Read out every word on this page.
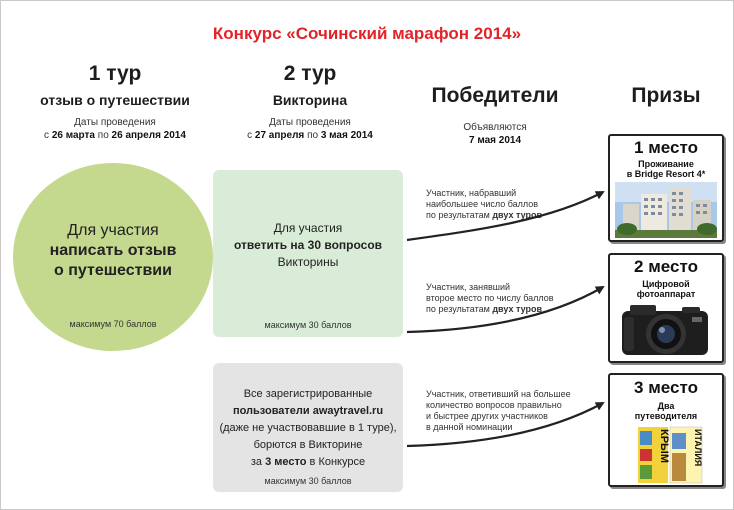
Конкурс «Сочинский марафон 2014»
1 тур
отзыв о путешествии
Даты проведения
с 26 марта по 26 апреля 2014
Для участия
написать отзыв
о путешествии
максимум 70 баллов
2 тур
Викторина
Даты проведения
с 27 апреля по 3 мая 2014
Для участия
ответить на 30 вопросов
Викторины
максимум 30 баллов
Все зарегистрированные
пользователи awaytravel.ru
(даже не участвовавшие в 1 туре),
борются в Викторине
за 3 место в Конкурсе
максимум 30 баллов
Победители
Объявляются
7 мая 2014
Участник, набравший
наибольшее число баллов
по результатам двух туров
Участник, занявший
второе место по числу баллов
по результатам двух туров
Участник, ответивший на большее
количество вопросов правильно
и быстрее других участников
в данной номинации
Призы
1 место
Проживание
в Bridge Resort 4*
2 место
Цифровой
фотоаппарат
3 место
Два
путеводителя
КРЫМ	ИТАЛИЯ
